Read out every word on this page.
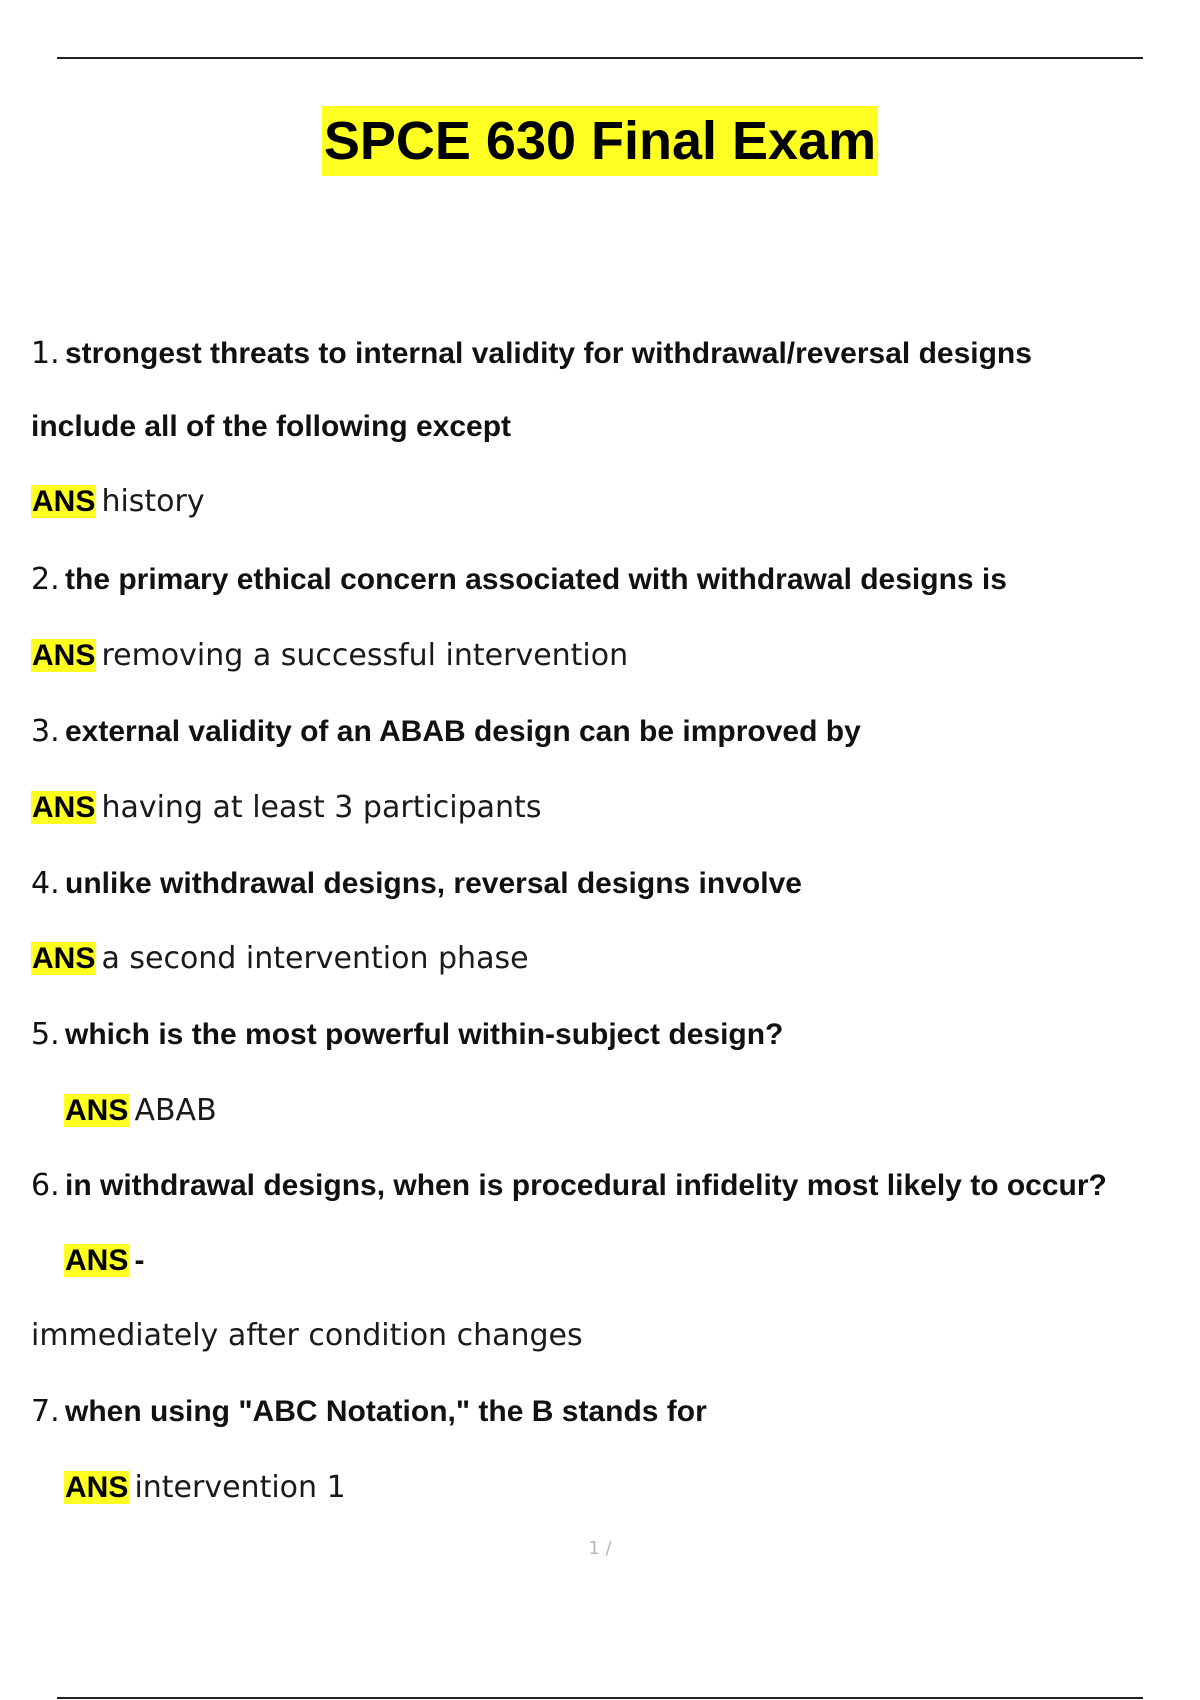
SPCE 630 Final Exam
1. strongest threats to internal validity for withdrawal/reversal designs
include all of the following except
ANS history
2. the primary ethical concern associated with withdrawal designs is
ANS removing a successful intervention
3. external validity of an ABAB design can be improved by
ANS having at least 3 participants
4. unlike withdrawal designs, reversal designs involve
ANS a second intervention phase
5. which is the most powerful within-subject design?
ANS ABAB
6. in withdrawal designs, when is procedural infidelity most likely to occur?
ANS -
immediately after condition changes
7. when using "ABC Notation," the B stands for
ANS intervention 1
1 /
